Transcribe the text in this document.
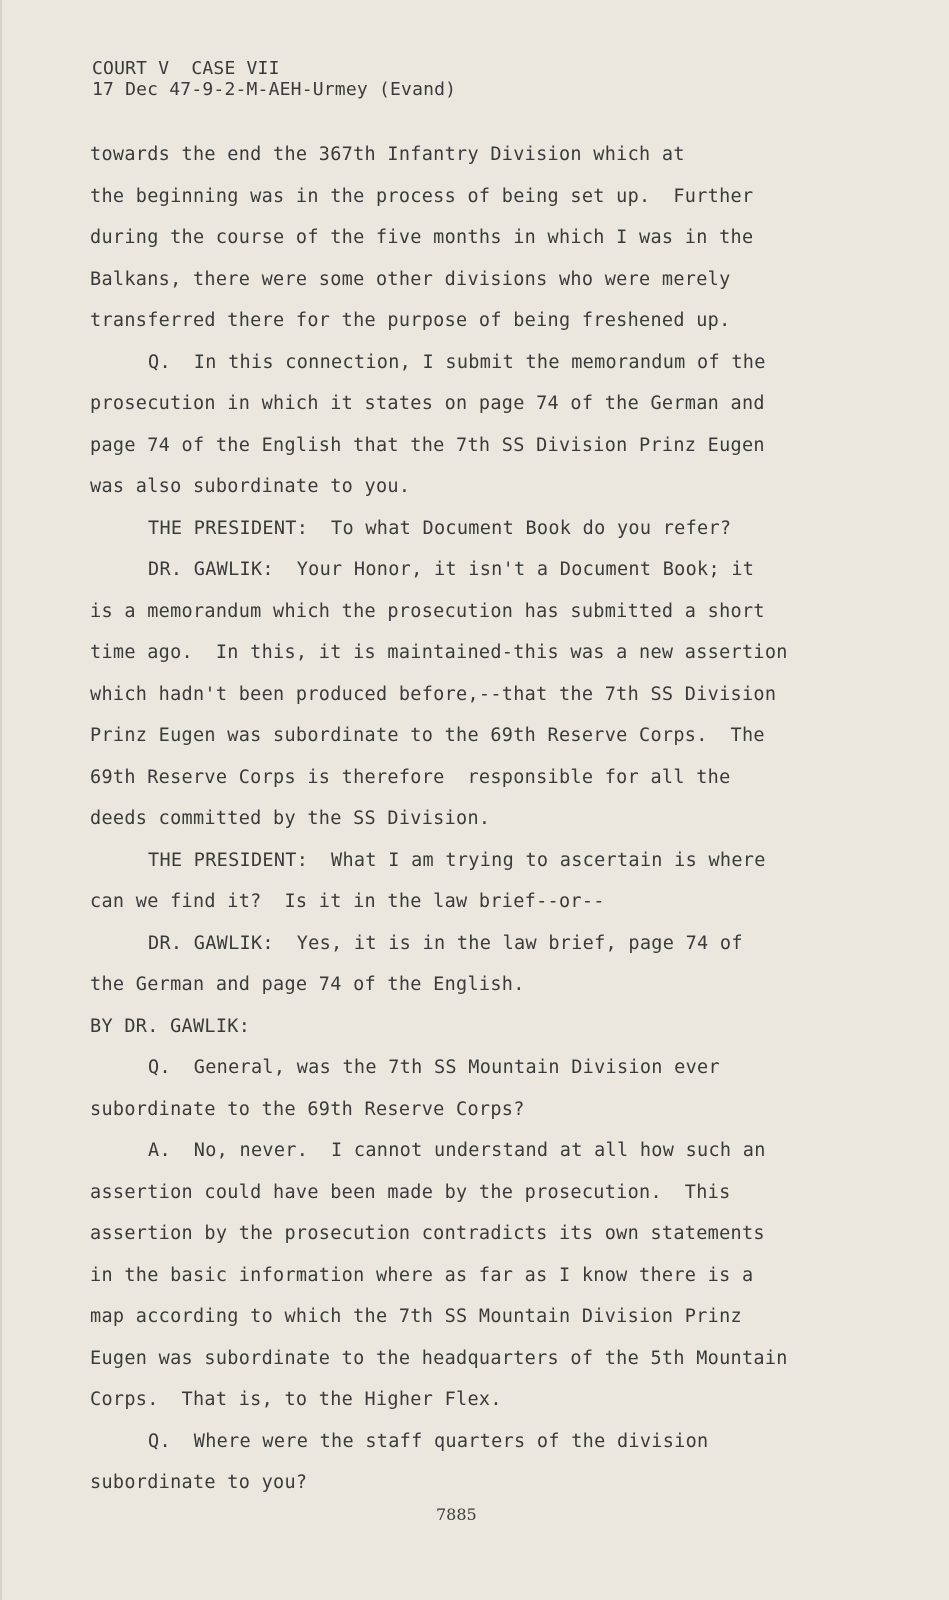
COURT V  CASE VII
17 Dec 47-9-2-M-AEH-Urmey (Evand)
towards the end the 367th Infantry Division which at
the beginning was in the process of being set up.  Further
during the course of the five months in which I was in the
Balkans, there were some other divisions who were merely
transferred there for the purpose of being freshened up.
Q.  In this connection, I submit the memorandum of the
prosecution in which it states on page 74 of the German and
page 74 of the English that the 7th SS Division Prinz Eugen
was also subordinate to you.
THE PRESIDENT:  To what Document Book do you refer?
DR. GAWLIK:  Your Honor, it isn't a Document Book; it
is a memorandum which the prosecution has submitted a short
time ago.  In this, it is maintained-this was a new assertion
which hadn't been produced before,--that the 7th SS Division
Prinz Eugen was subordinate to the 69th Reserve Corps.  The
69th Reserve Corps is therefore  responsible for all the
deeds committed by the SS Division.
THE PRESIDENT:  What I am trying to ascertain is where
can we find it?  Is it in the law brief--or--
DR. GAWLIK:  Yes, it is in the law brief, page 74 of
the German and page 74 of the English.
BY DR. GAWLIK:
Q.  General, was the 7th SS Mountain Division ever
subordinate to the 69th Reserve Corps?
A.  No, never.  I cannot understand at all how such an
assertion could have been made by the prosecution.  This
assertion by the prosecution contradicts its own statements
in the basic information where as far as I know there is a
map according to which the 7th SS Mountain Division Prinz
Eugen was subordinate to the headquarters of the 5th Mountain
Corps.  That is, to the Higher Flex.
Q.  Where were the staff quarters of the division
subordinate to you?
7885
